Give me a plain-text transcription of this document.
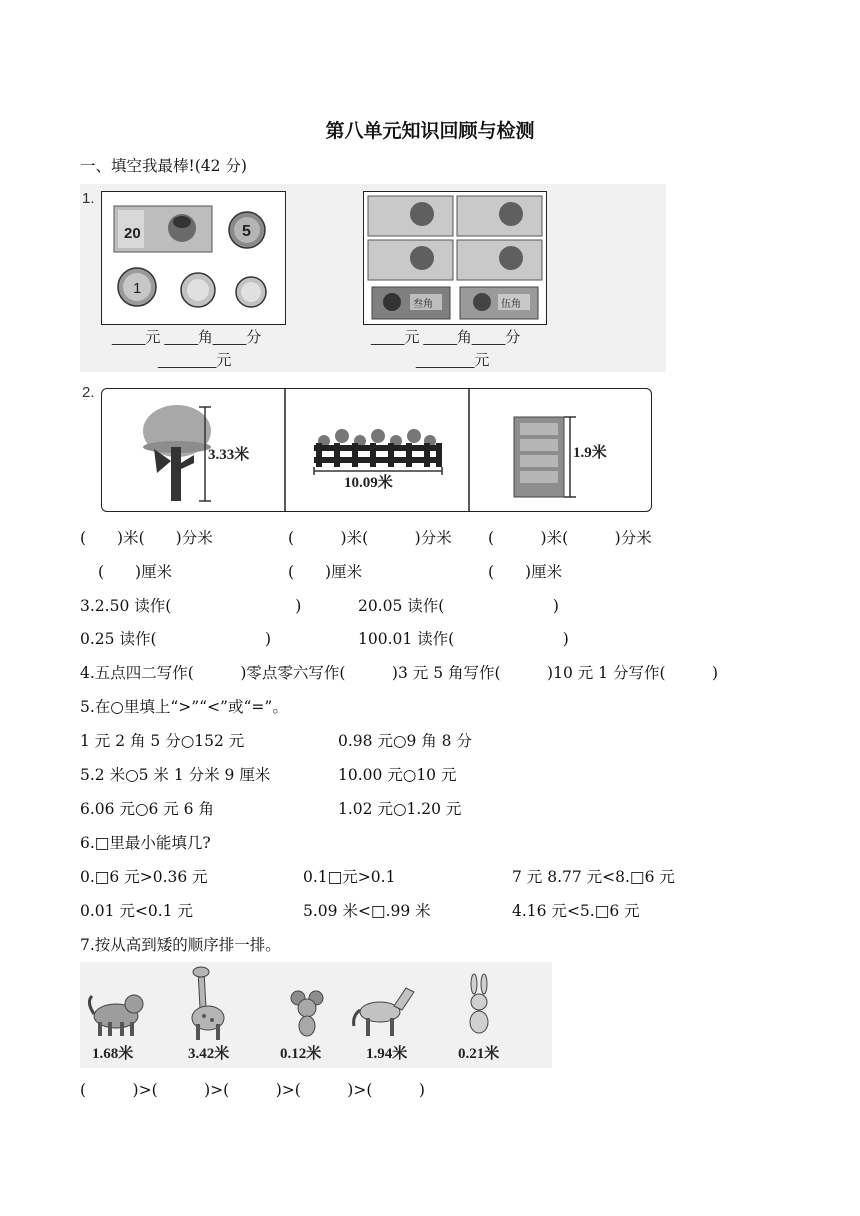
第八单元知识回顾与检测
一、填空我最棒!(42 分)
1.
20	5
1
____元 ____角____分
_______元
叁角	伍角
____元 ____角____分
_______元
2.
3.33米
10.09米
1.9米
(　　)米(　　)分米	(　　　)米(　　　)分米 (　　　)米(　　　)分米
(　　)厘米	(　　)厘米	(　　)厘米
3.2.50 读作(　　　　　　　　)	20.05 读作(　　　　　　　)
0.25 读作(　　　　　　　)	100.01 读作(　　　　　　　)
4.五点四二写作(　　　)零点零六写作(　　　)3 元 5 角写作(　　　)10 元 1 分写作(　　　)
5.在○里填上“>”“<”或“=”。
1 元 2 角 5 分○152 元	0.98 元○9 角 8 分
5.2 米○5 米 1 分米 9 厘米	10.00 元○10 元
6.06 元○6 元 6 角	1.02 元○1.20 元
6.□里最小能填几?
0.□6 元>0.36 元	0.1□元>0.1	7 元 8.77 元<8.□6 元
0.01 元<0.1 元	5.09 米<□.99 米	4.16 元<5.□6 元
7.按从高到矮的顺序排一排。
1.68米	3.42米	0.12米	1.94米	0.21米
(　　　)>(　　　)>(　　　)>(　　　)>(　　　)
